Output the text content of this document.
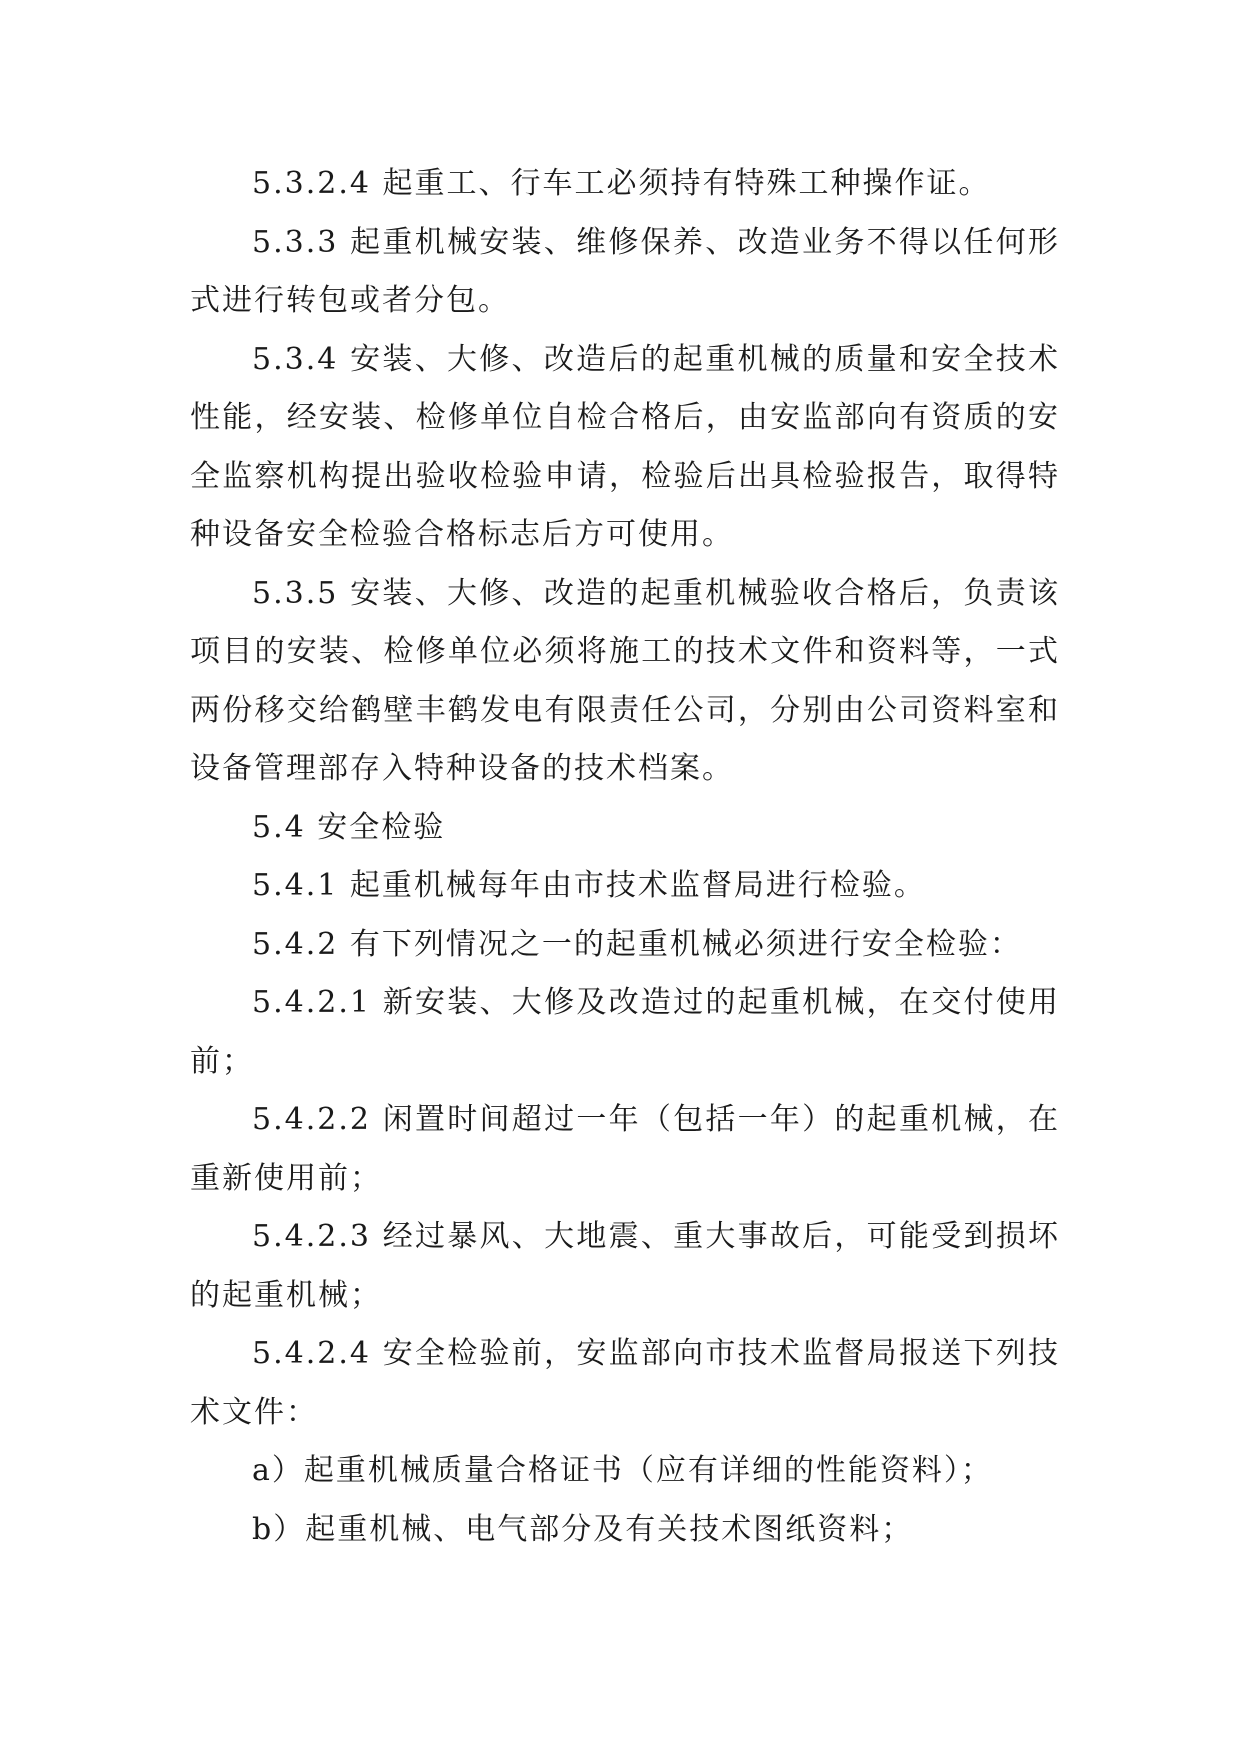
5.3.2.4 起重工、行车工必须持有特殊工种操作证。

5.3.3 起重机械安装、维修保养、改造业务不得以任何形式进行转包或者分包。

5.3.4 安装、大修、改造后的起重机械的质量和安全技术性能，经安装、检修单位自检合格后，由安监部向有资质的安全监察机构提出验收检验申请，检验后出具检验报告，取得特种设备安全检验合格标志后方可使用。

5.3.5 安装、大修、改造的起重机械验收合格后，负责该项目的安装、检修单位必须将施工的技术文件和资料等，一式两份移交给鹤壁丰鹤发电有限责任公司，分别由公司资料室和设备管理部存入特种设备的技术档案。

5.4 安全检验

5.4.1 起重机械每年由市技术监督局进行检验。

5.4.2 有下列情况之一的起重机械必须进行安全检验：

5.4.2.1 新安装、大修及改造过的起重机械，在交付使用前；

5.4.2.2 闲置时间超过一年（包括一年）的起重机械，在重新使用前；

5.4.2.3 经过暴风、大地震、重大事故后，可能受到损坏的起重机械；

5.4.2.4 安全检验前，安监部向市技术监督局报送下列技术文件：

a）起重机械质量合格证书（应有详细的性能资料）；

b）起重机械、电气部分及有关技术图纸资料；
